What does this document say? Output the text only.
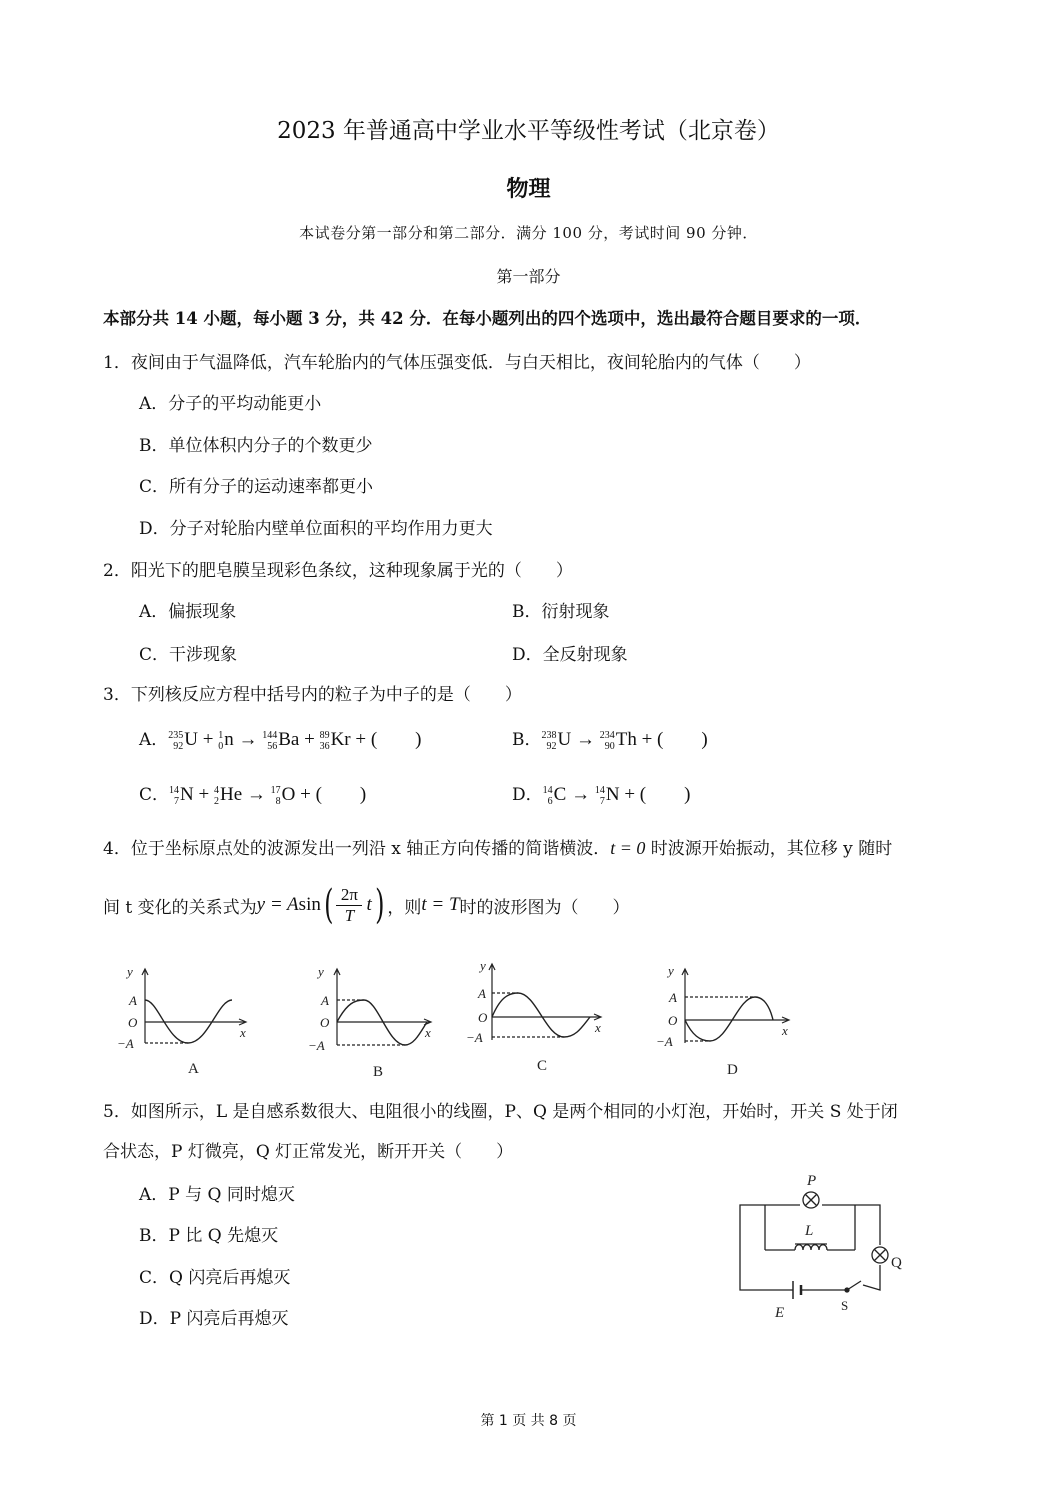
2023 年普通高中学业水平等级性考试（北京卷）
物理
本试卷分第一部分和第二部分．满分 100 分，考试时间 90 分钟．
第一部分
本部分共 14 小题，每小题 3 分，共 42 分．在每小题列出的四个选项中，选出最符合题目要求的一项．
1．夜间由于气温降低，汽车轮胎内的气体压强变低．与白天相比，夜间轮胎内的气体（　　）
A．分子的平均动能更小
B．单位体积内分子的个数更少
C．所有分子的运动速率都更小
D．分子对轮胎内壁单位面积的平均作用力更大
2．阳光下的肥皂膜呈现彩色条纹，这种现象属于光的（　　）
A．偏振现象	B．衍射现象
C．干涉现象	D．全反射现象
3．下列核反应方程中括号内的粒子为中子的是（　　）
A． 235
92 U + 1
0 n → 144
56 Ba + 89
36 Kr + (　　)	B． 238
92 U → 234
90 Th + (　　)
C． 14
7 N + 4
2 He → 17
8 O + (　　)	D． 14
6 C → 14
7 N + (　　)
4．位于坐标原点处的波源发出一列沿 x 轴正方向传播的简谐横波．t = 0 时波源开始振动，其位移 y 随时
间 t 变化的关系式为 y = A sin ( 2π
T t ) ，则 t = T 时的波形图为（　　）
y
x
A
O
−A
A
y
x
A
O
−A
B
y
x
A
O
−A
C
y
x
A
O
−A
D
5．如图所示，L 是自感系数很大、电阻很小的线圈，P、Q 是两个相同的小灯泡，开始时，开关 S 处于闭
合状态，P 灯微亮，Q 灯正常发光，断开开关（　　）
A．P 与 Q 同时熄灭
B．P 比 Q 先熄灭
C．Q 闪亮后再熄灭
D．P 闪亮后再熄灭
P
L
Q
E	S
第 1 页 共 8 页
